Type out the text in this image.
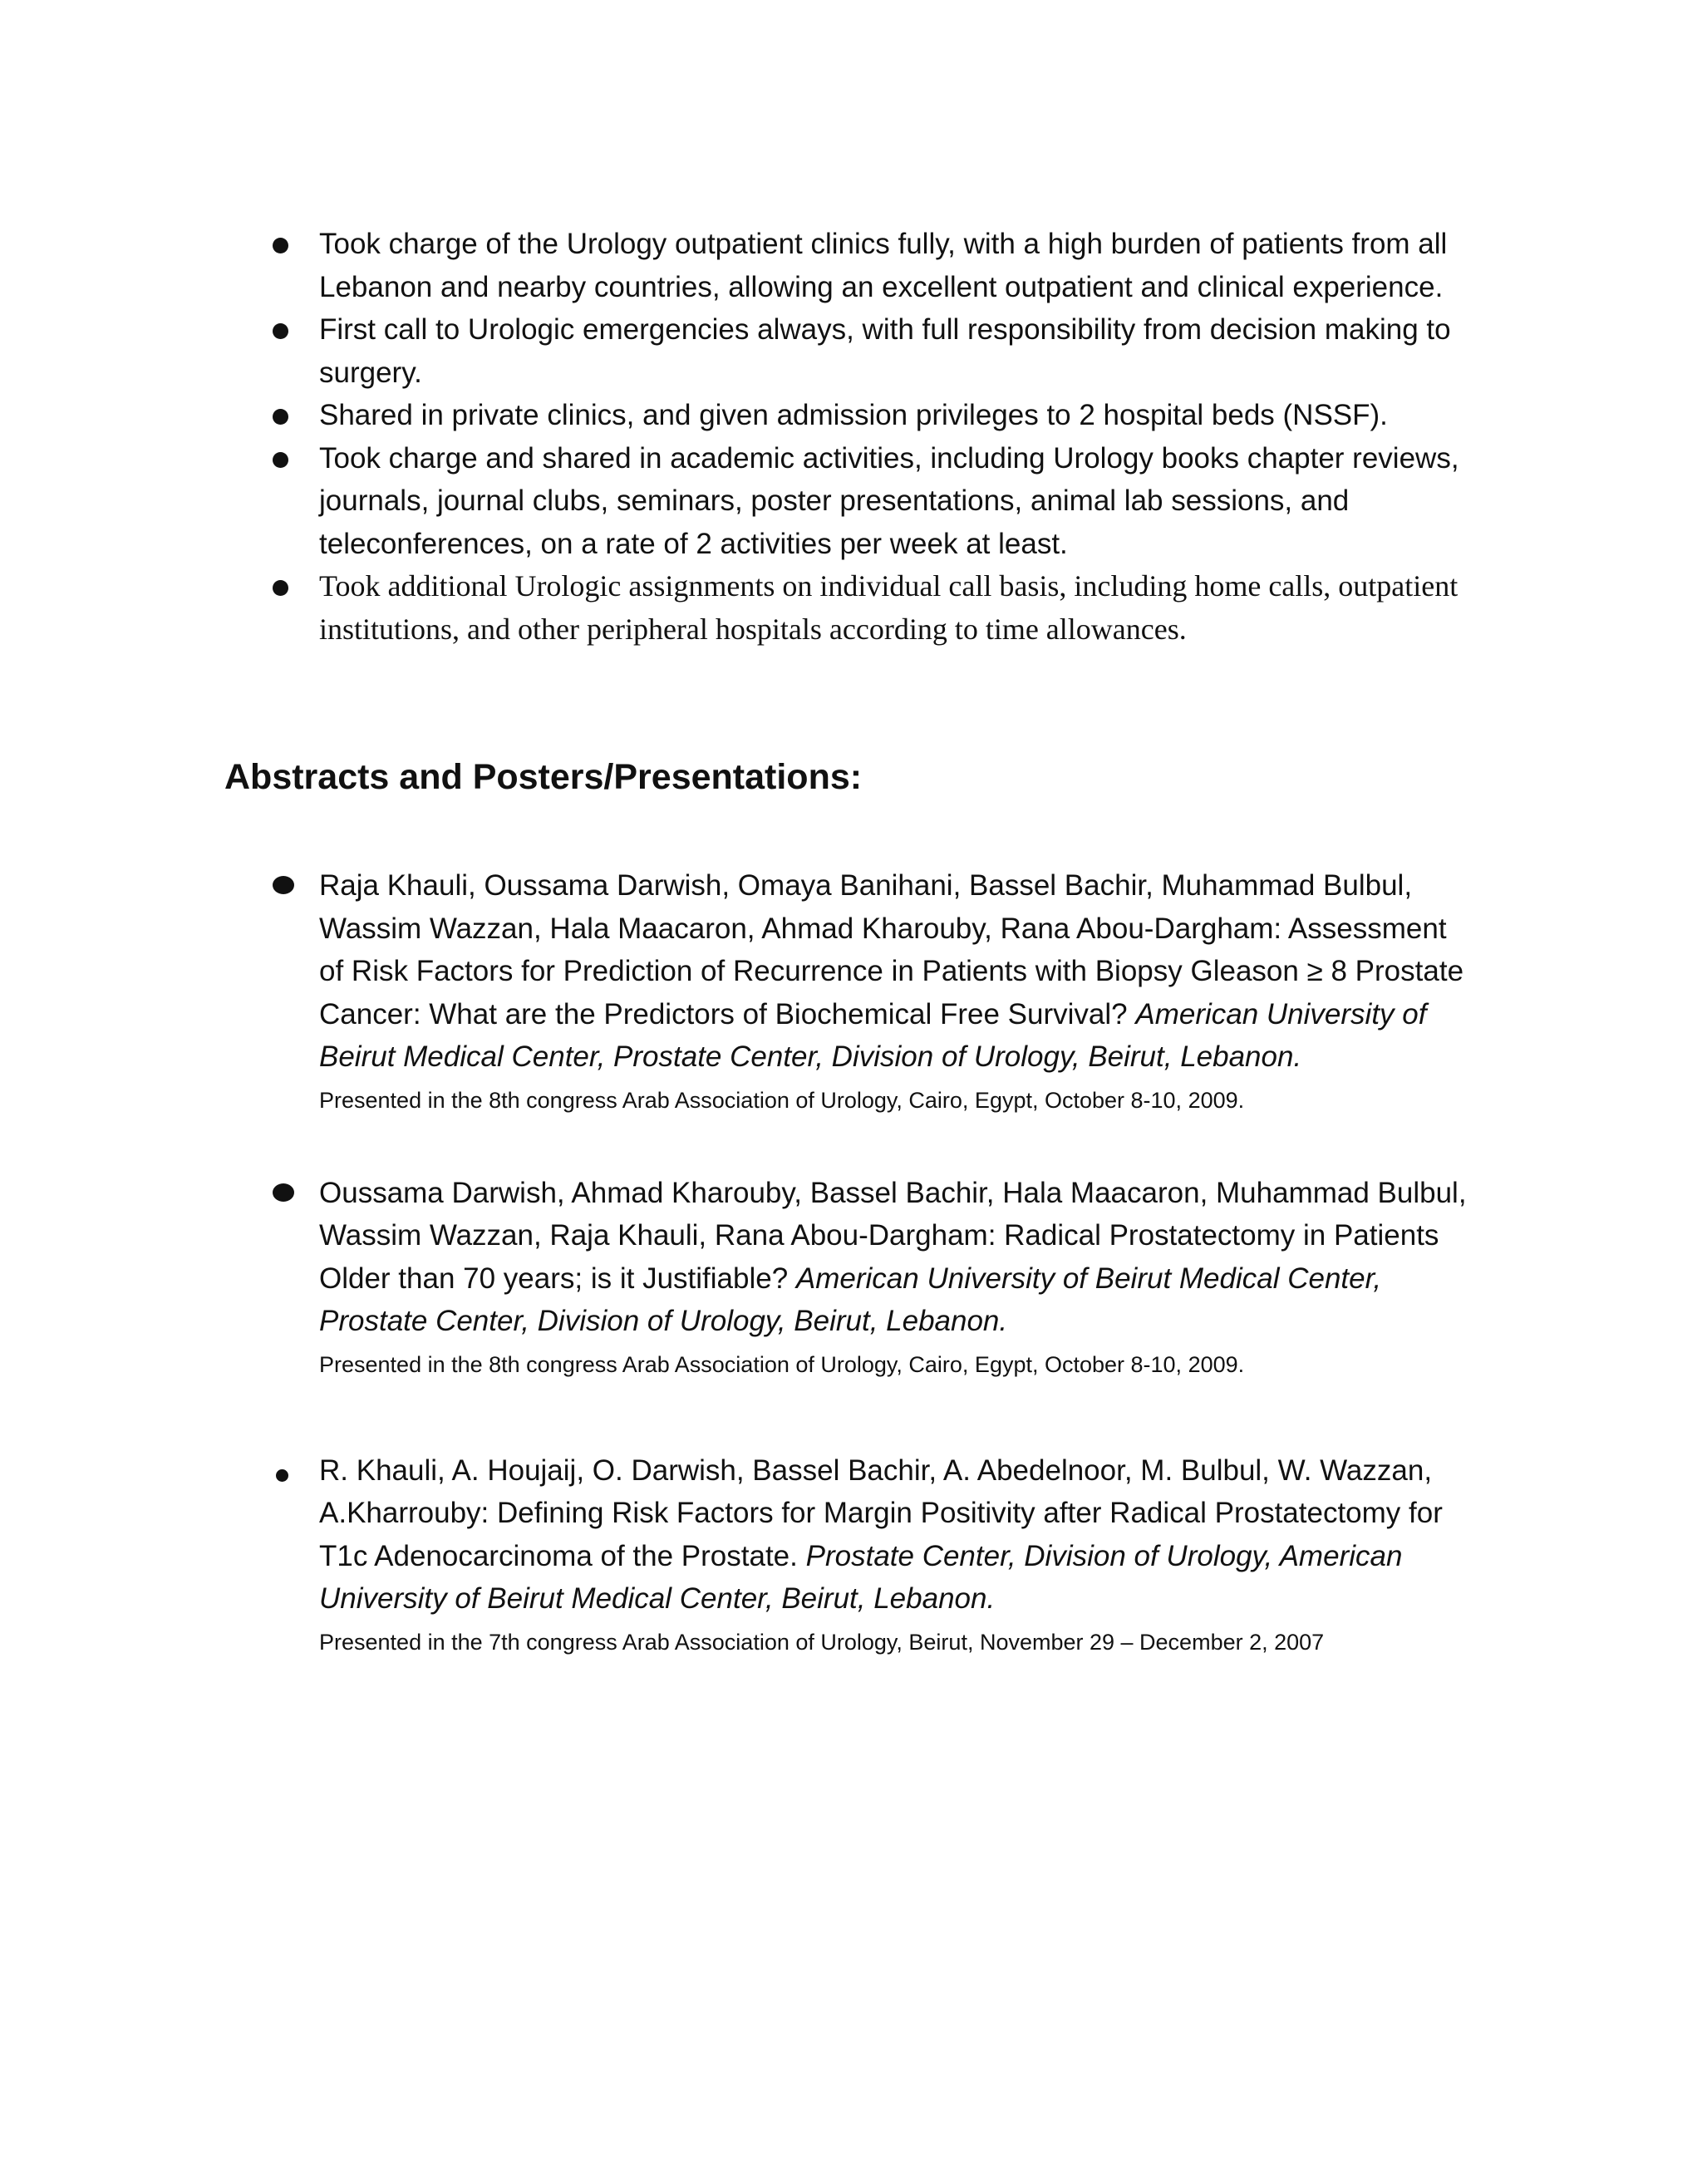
Took charge of the Urology outpatient clinics fully, with a high burden of patients from all Lebanon and nearby countries, allowing an excellent outpatient and clinical experience.
First call to Urologic emergencies always, with full responsibility from decision making to surgery.
Shared in private clinics, and given admission privileges to 2 hospital beds (NSSF).
Took charge and shared in academic activities, including Urology books chapter reviews, journals, journal clubs, seminars, poster presentations, animal lab sessions, and teleconferences, on a rate of 2 activities per week at least.
Took additional Urologic assignments on individual call basis, including home calls, outpatient institutions, and other peripheral hospitals according to time allowances.
Abstracts and Posters/Presentations:
Raja Khauli, Oussama Darwish, Omaya Banihani, Bassel Bachir, Muhammad Bulbul, Wassim Wazzan, Hala Maacaron, Ahmad Kharouby, Rana Abou-Dargham: Assessment of Risk Factors for Prediction of Recurrence in Patients with Biopsy Gleason ≥ 8 Prostate Cancer: What are the Predictors of Biochemical Free Survival? American University of Beirut Medical Center, Prostate Center, Division of Urology, Beirut, Lebanon.
Presented in the 8th congress Arab Association of Urology, Cairo, Egypt, October 8-10, 2009.
Oussama Darwish, Ahmad Kharouby, Bassel Bachir, Hala Maacaron, Muhammad Bulbul, Wassim Wazzan, Raja Khauli, Rana Abou-Dargham: Radical Prostatectomy in Patients Older than 70 years; is it Justifiable? American University of Beirut Medical Center, Prostate Center, Division of Urology, Beirut, Lebanon.
Presented in the 8th congress Arab Association of Urology, Cairo, Egypt, October 8-10, 2009.
R. Khauli, A. Houjaij, O. Darwish, Bassel Bachir, A. Abedelnoor, M. Bulbul, W. Wazzan, A.Kharrouby: Defining Risk Factors for Margin Positivity after Radical Prostatectomy for T1c Adenocarcinoma of the Prostate. Prostate Center, Division of Urology, American University of Beirut Medical Center, Beirut, Lebanon.
Presented in the 7th congress Arab Association of Urology, Beirut, November 29 – December 2, 2007
